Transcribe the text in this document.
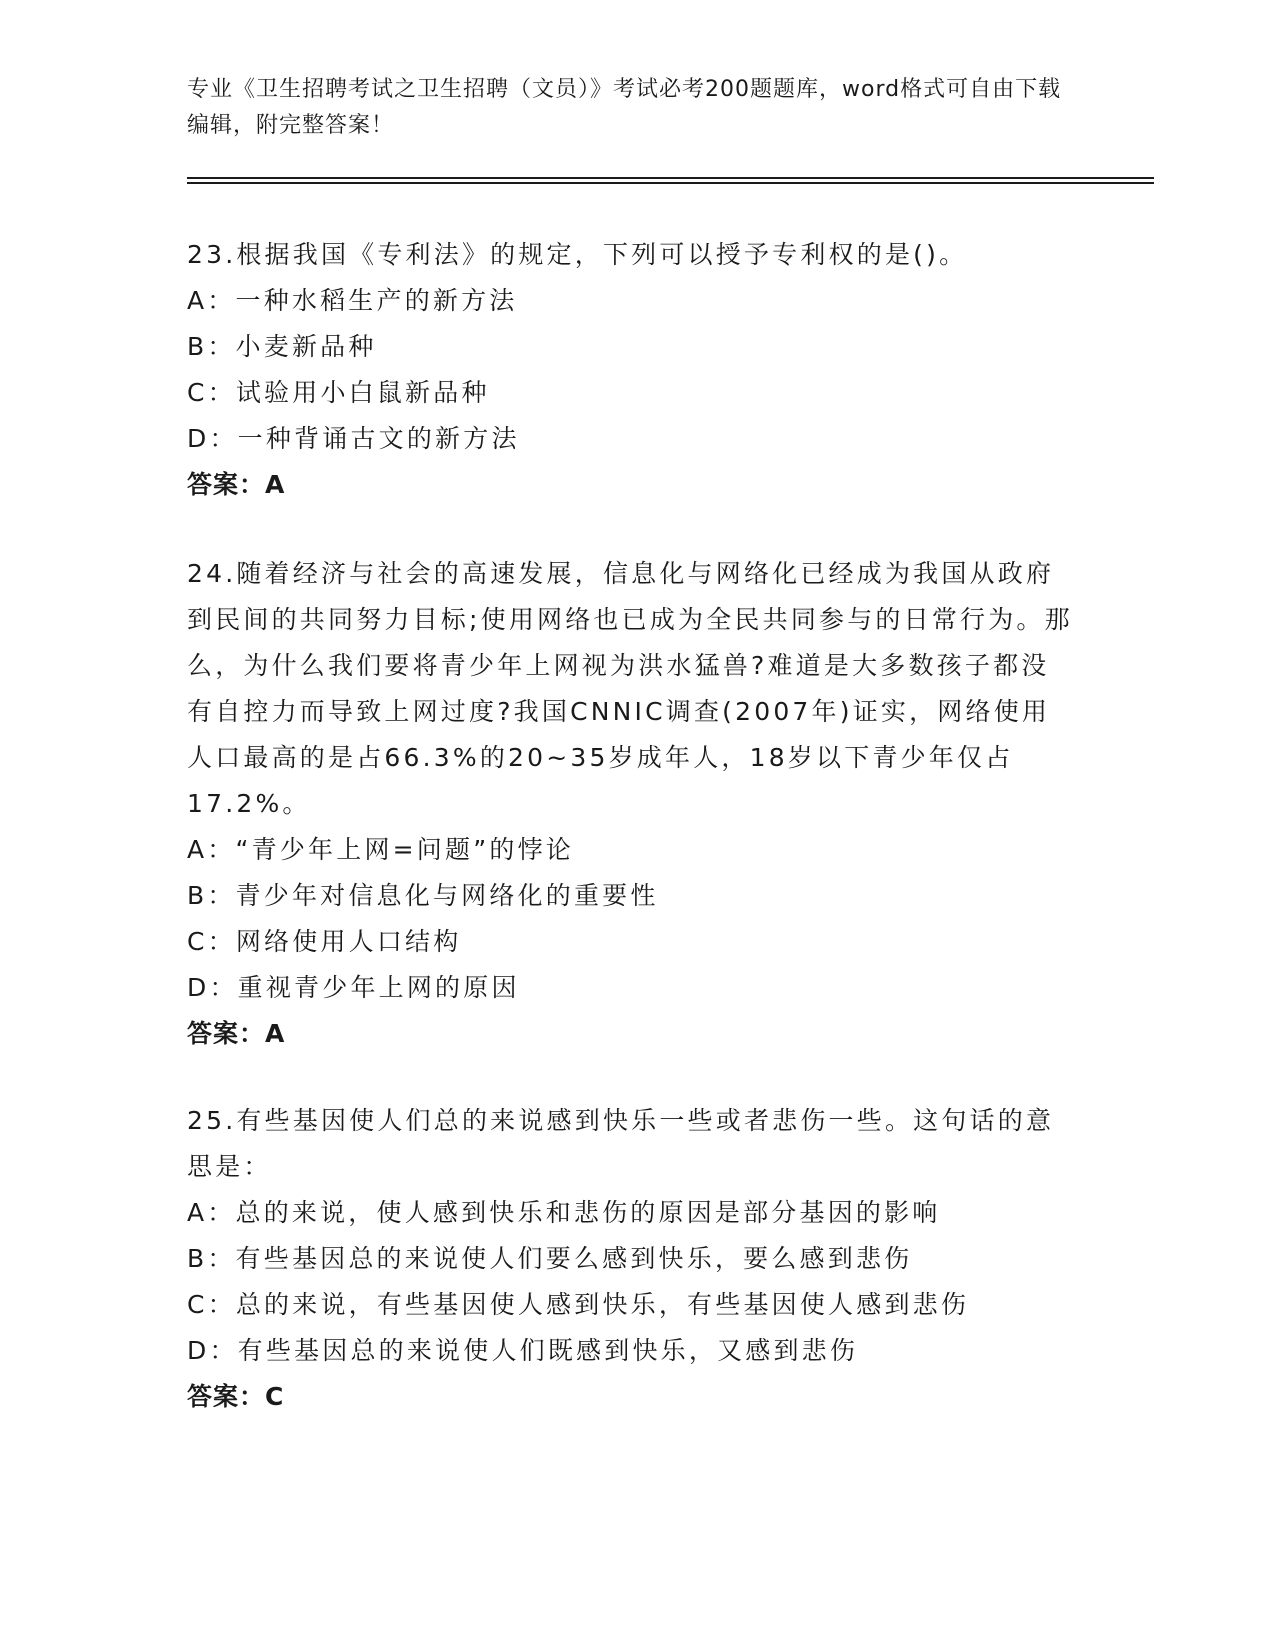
专业《卫生招聘考试之卫生招聘（文员）》考试必考200题题库，word格式可自由下载编辑，附完整答案！

23.根据我国《专利法》的规定，下列可以授予专利权的是()。

A：一种水稻生产的新方法

B：小麦新品种

C：试验用小白鼠新品种

D：一种背诵古文的新方法

答案：A

24.随着经济与社会的高速发展，信息化与网络化已经成为我国从政府到民间的共同努力目标;使用网络也已成为全民共同参与的日常行为。那么，为什么我们要将青少年上网视为洪水猛兽?难道是大多数孩子都没有自控力而导致上网过度?我国CNNIC调查(2007年)证实，网络使用人口最高的是占66.3%的20~35岁成年人，18岁以下青少年仅占17.2%。

A：“青少年上网=问题”的悖论

B：青少年对信息化与网络化的重要性

C：网络使用人口结构

D：重视青少年上网的原因

答案：A

25.有些基因使人们总的来说感到快乐一些或者悲伤一些。这句话的意思是：

A：总的来说，使人感到快乐和悲伤的原因是部分基因的影响

B：有些基因总的来说使人们要么感到快乐，要么感到悲伤

C：总的来说，有些基因使人感到快乐，有些基因使人感到悲伤

D：有些基因总的来说使人们既感到快乐，又感到悲伤

答案：C
